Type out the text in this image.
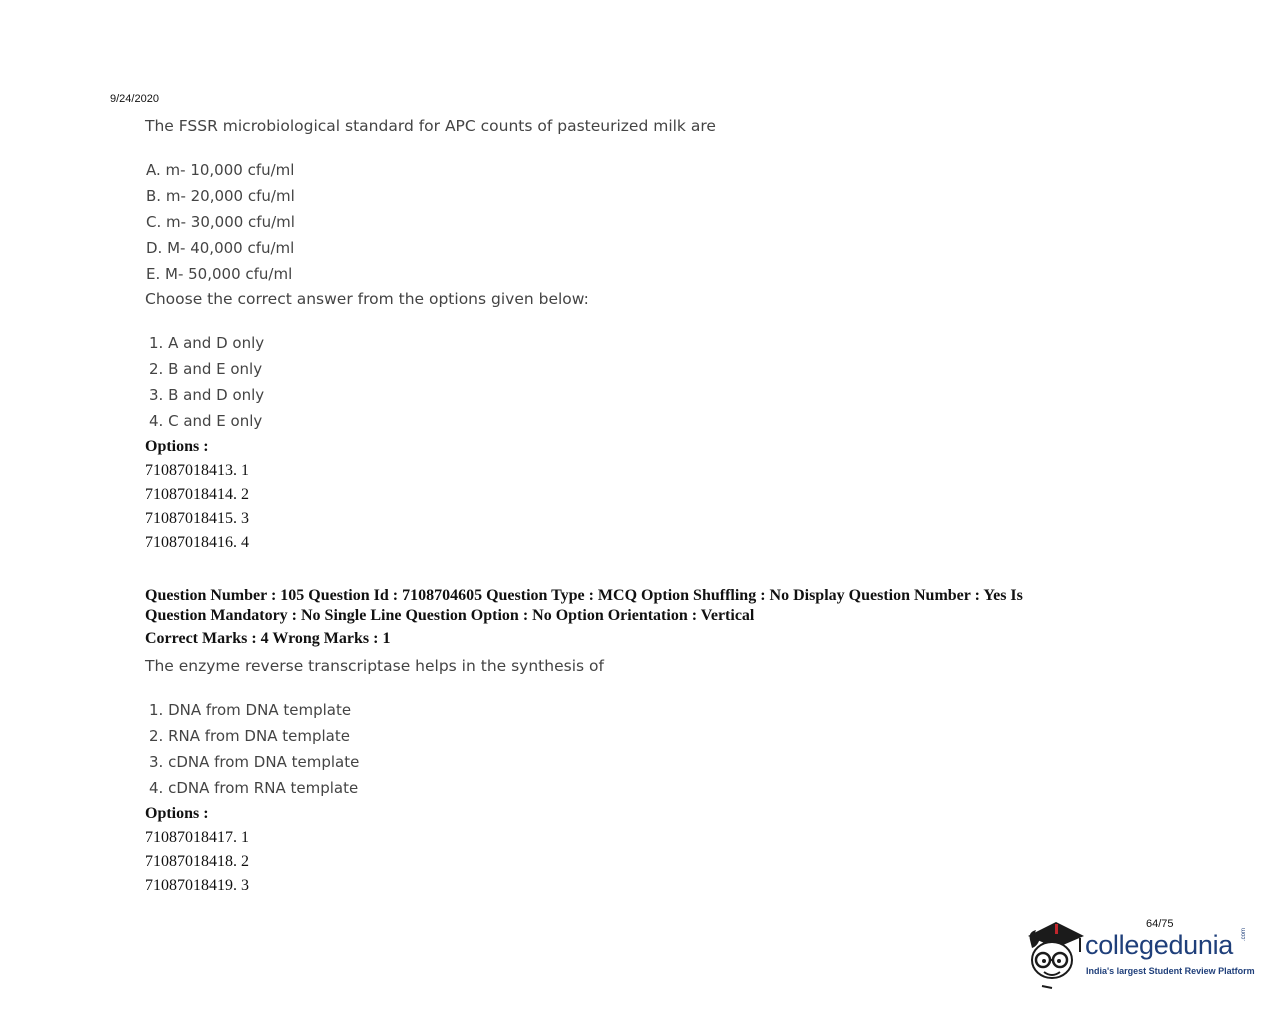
9/24/2020
The FSSR microbiological standard for APC counts of pasteurized milk are
A. m- 10,000 cfu/ml
B. m- 20,000 cfu/ml
C. m- 30,000 cfu/ml
D. M- 40,000 cfu/ml
E. M- 50,000 cfu/ml
Choose the correct answer from the options given below:
1. A and D only
2. B and E only
3. B and D only
4. C and E only
Options :
71087018413. 1
71087018414. 2
71087018415. 3
71087018416. 4
Question Number : 105 Question Id : 7108704605 Question Type : MCQ Option Shuffling : No Display Question Number : Yes Is
Question Mandatory : No Single Line Question Option : No Option Orientation : Vertical
Correct Marks : 4 Wrong Marks : 1
The enzyme reverse transcriptase helps in the synthesis of
1. DNA from DNA template
2. RNA from DNA template
3. cDNA from DNA template
4. cDNA from RNA template
Options :
71087018417. 1
71087018418. 2
71087018419. 3
64/75
collegedunia .com
India's largest Student Review Platform
